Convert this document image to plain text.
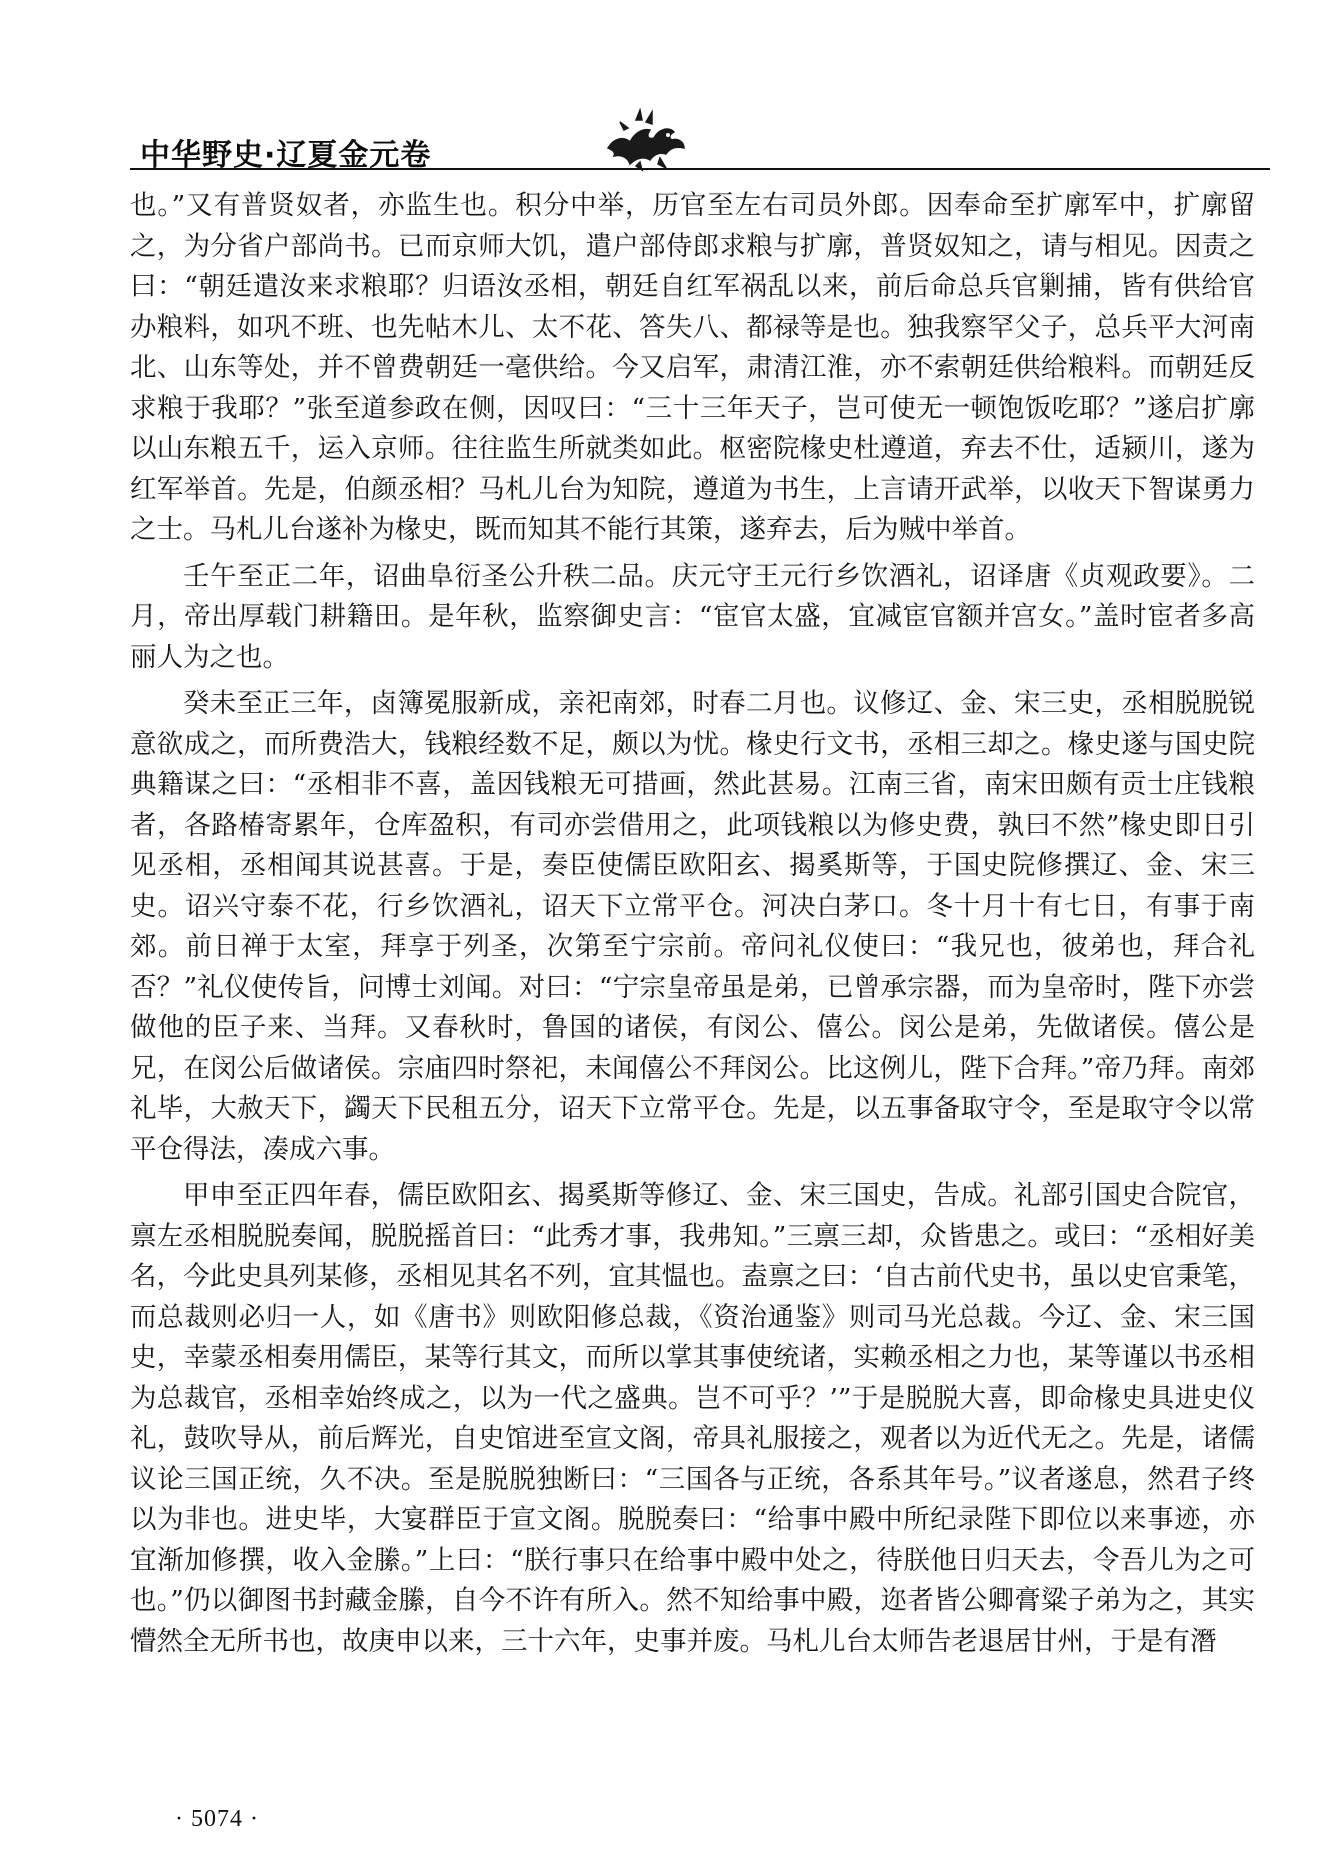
中华野史·辽夏金元卷

也。”又有普贤奴者，亦监生也。积分中举，历官至左右司员外郎。因奉命至扩廓军中，扩廓留之，为分省户部尚书。已而京师大饥，遣户部侍郎求粮与扩廓，普贤奴知之，请与相见。因责之曰：“朝廷遣汝来求粮耶？归语汝丞相，朝廷自红军祸乱以来，前后命总兵官剿捕，皆有供给官办粮料，如巩不班、也先帖木儿、太不花、答失八、都禄等是也。独我察罕父子，总兵平大河南北、山东等处，并不曾费朝廷一毫供给。今又启军，肃清江淮，亦不索朝廷供给粮料。而朝廷反求粮于我耶？”张至道参政在侧，因叹曰：“三十三年天子，岂可使无一顿饱饭吃耶？”遂启扩廓以山东粮五千，运入京师。往往监生所就类如此。枢密院椽史杜遵道，弃去不仕，适颍川，遂为红军举首。先是，伯颜丞相？马札儿台为知院，遵道为书生，上言请开武举，以收天下智谋勇力之士。马札儿台遂补为椽史，既而知其不能行其策，遂弃去，后为贼中举首。

壬午至正二年，诏曲阜衍圣公升秩二品。庆元守王元行乡饮酒礼，诏译唐《贞观政要》。二月，帝出厚载门耕籍田。是年秋，监察御史言：“宦官太盛，宜减宦官额并宫女。”盖时宦者多高丽人为之也。

癸未至正三年，卤簿冕服新成，亲祀南郊，时春二月也。议修辽、金、宋三史，丞相脱脱锐意欲成之，而所费浩大，钱粮经数不足，颇以为忧。椽史行文书，丞相三却之。椽史遂与国史院典籍谋之曰：“丞相非不喜，盖因钱粮无可措画，然此甚易。江南三省，南宋田颇有贡士庄钱粮者，各路椿寄累年，仓库盈积，有司亦尝借用之，此项钱粮以为修史费，孰曰不然”椽史即日引见丞相，丞相闻其说甚喜。于是，奏臣使儒臣欧阳玄、揭奚斯等，于国史院修撰辽、金、宋三史。诏兴守泰不花，行乡饮酒礼，诏天下立常平仓。河决白茅口。冬十月十有七日，有事于南郊。前日禅于太室，拜享于列圣，次第至宁宗前。帝问礼仪使曰：“我兄也，彼弟也，拜合礼否？”礼仪使传旨，问博士刘闻。对曰：“宁宗皇帝虽是弟，已曾承宗器，而为皇帝时，陛下亦尝做他的臣子来、当拜。又春秋时，鲁国的诸侯，有闵公、僖公。闵公是弟，先做诸侯。僖公是兄，在闵公后做诸侯。宗庙四时祭祀，未闻僖公不拜闵公。比这例儿，陛下合拜。”帝乃拜。南郊礼毕，大赦天下，蠲天下民租五分，诏天下立常平仓。先是，以五事备取守令，至是取守令以常平仓得法，凑成六事。

甲申至正四年春，儒臣欧阳玄、揭奚斯等修辽、金、宋三国史，告成。礼部引国史合院官，禀左丞相脱脱奏闻，脱脱摇首曰：“此秀才事，我弗知。”三禀三却，众皆患之。或曰：“丞相好美名，今此史具列某修，丞相见其名不列，宜其愠也。盍禀之曰：‘自古前代史书，虽以史官秉笔，而总裁则必归一人，如《唐书》则欧阳修总裁，《资治通鉴》则司马光总裁。今辽、金、宋三国史，幸蒙丞相奏用儒臣，某等行其文，而所以掌其事使统诸，实赖丞相之力也，某等谨以书丞相为总裁官，丞相幸始终成之，以为一代之盛典。岂不可乎？’”于是脱脱大喜，即命椽史具进史仪礼，鼓吹导从，前后辉光，自史馆进至宣文阁，帝具礼服接之，观者以为近代无之。先是，诸儒议论三国正统，久不决。至是脱脱独断曰：“三国各与正统，各系其年号。”议者遂息，然君子终以为非也。进史毕，大宴群臣于宣文阁。脱脱奏曰：“给事中殿中所纪录陛下即位以来事迹，亦宜渐加修撰，收入金縢。”上曰：“朕行事只在给事中殿中处之，待朕他日归天去，令吾儿为之可也。”仍以御图书封藏金縢，自今不许有所入。然不知给事中殿，迩者皆公卿膏粱子弟为之，其实懵然全无所书也，故庚申以来，三十六年，史事并废。马札儿台太师告老退居甘州，于是有潛

· 5074 ·
